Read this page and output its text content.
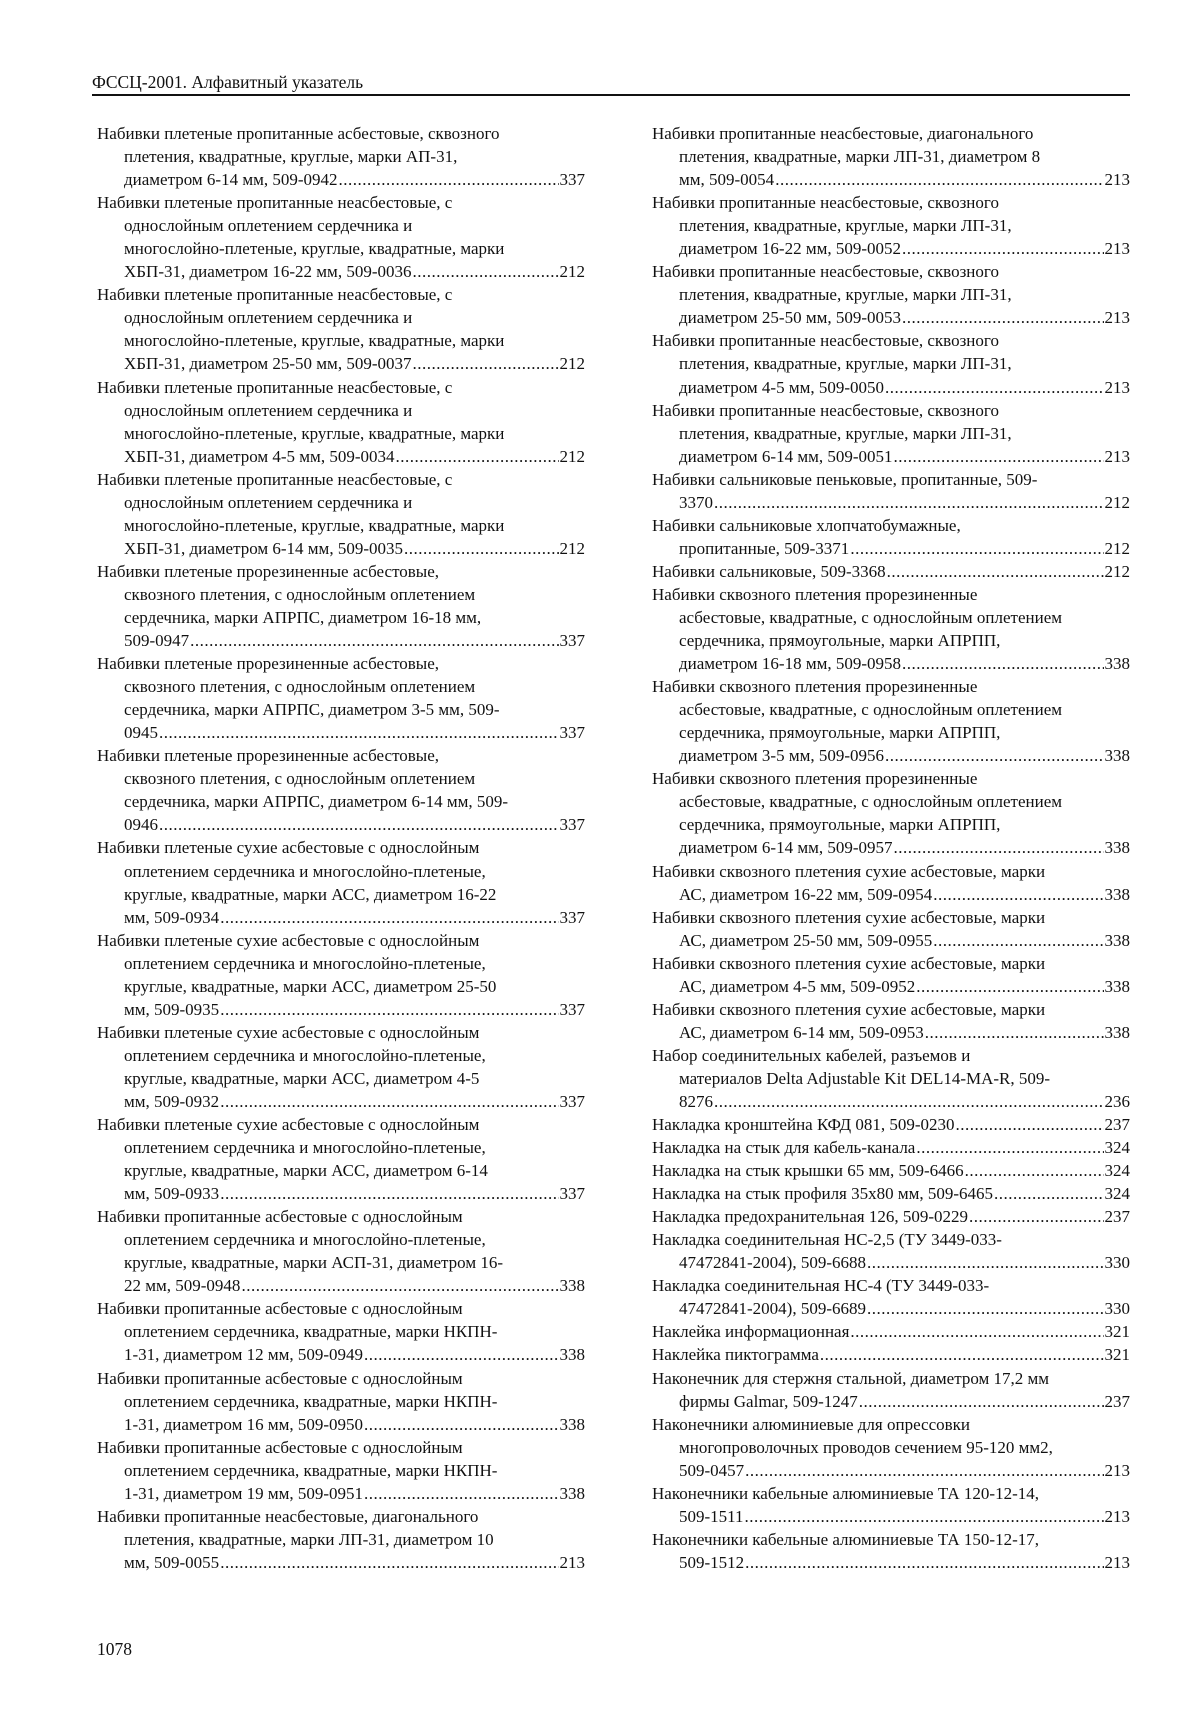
ФССЦ-2001. Алфавитный указатель
Набивки плетеные пропитанные асбестовые, сквозного
плетения, квадратные, круглые, марки АП-31,
диаметром 6-14 мм, 509-0942 .....	337
Набивки плетеные пропитанные неасбестовые, с
однослойным оплетением сердечника и
многослойно-плетеные, круглые, квадратные, марки
ХБП-31, диаметром 16-22 мм, 509-0036 .....	212
Набивки плетеные пропитанные неасбестовые, с
однослойным оплетением сердечника и
многослойно-плетеные, круглые, квадратные, марки
ХБП-31, диаметром 25-50 мм, 509-0037 .....	212
Набивки плетеные пропитанные неасбестовые, с
однослойным оплетением сердечника и
многослойно-плетеные, круглые, квадратные, марки
ХБП-31, диаметром 4-5 мм, 509-0034 .....	212
Набивки плетеные пропитанные неасбестовые, с
однослойным оплетением сердечника и
многослойно-плетеные, круглые, квадратные, марки
ХБП-31, диаметром 6-14 мм, 509-0035 .....	212
Набивки плетеные прорезиненные асбестовые,
сквозного плетения, с однослойным оплетением
сердечника, марки АПРПС, диаметром 16-18 мм,
509-0947 .....	337
Набивки плетеные прорезиненные асбестовые,
сквозного плетения, с однослойным оплетением
сердечника, марки АПРПС, диаметром 3-5 мм, 509-
0945 .....	337
Набивки плетеные прорезиненные асбестовые,
сквозного плетения, с однослойным оплетением
сердечника, марки АПРПС, диаметром 6-14 мм, 509-
0946 .....	337
Набивки плетеные сухие асбестовые с однослойным
оплетением сердечника и многослойно-плетеные,
круглые, квадратные, марки АСС, диаметром 16-22
мм, 509-0934 .....	337
Набивки плетеные сухие асбестовые с однослойным
оплетением сердечника и многослойно-плетеные,
круглые, квадратные, марки АСС, диаметром 25-50
мм, 509-0935 .....	337
Набивки плетеные сухие асбестовые с однослойным
оплетением сердечника и многослойно-плетеные,
круглые, квадратные, марки АСС, диаметром 4-5
мм, 509-0932 .....	337
Набивки плетеные сухие асбестовые с однослойным
оплетением сердечника и многослойно-плетеные,
круглые, квадратные, марки АСС, диаметром 6-14
мм, 509-0933 .....	337
Набивки пропитанные асбестовые с однослойным
оплетением сердечника и многослойно-плетеные,
круглые, квадратные, марки АСП-31, диаметром 16-
22 мм, 509-0948 .....	338
Набивки пропитанные асбестовые с однослойным
оплетением сердечника, квадратные, марки НКПН-
1-31, диаметром 12 мм, 509-0949 .....	338
Набивки пропитанные асбестовые с однослойным
оплетением сердечника, квадратные, марки НКПН-
1-31, диаметром 16 мм, 509-0950 .....	338
Набивки пропитанные асбестовые с однослойным
оплетением сердечника, квадратные, марки НКПН-
1-31, диаметром 19 мм, 509-0951 .....	338
Набивки пропитанные неасбестовые, диагонального
плетения, квадратные, марки ЛП-31, диаметром 10
мм, 509-0055 .....	213
Набивки пропитанные неасбестовые, диагонального
плетения, квадратные, марки ЛП-31, диаметром 8
мм, 509-0054 .....	213
Набивки пропитанные неасбестовые, сквозного
плетения, квадратные, круглые, марки ЛП-31,
диаметром 16-22 мм, 509-0052 .....	213
Набивки пропитанные неасбестовые, сквозного
плетения, квадратные, круглые, марки ЛП-31,
диаметром 25-50 мм, 509-0053 .....	213
Набивки пропитанные неасбестовые, сквозного
плетения, квадратные, круглые, марки ЛП-31,
диаметром 4-5 мм, 509-0050 .....	213
Набивки пропитанные неасбестовые, сквозного
плетения, квадратные, круглые, марки ЛП-31,
диаметром 6-14 мм, 509-0051 .....	213
Набивки сальниковые пеньковые, пропитанные, 509-
3370 .....	212
Набивки сальниковые хлопчатобумажные,
пропитанные, 509-3371 .....	212
Набивки сальниковые, 509-3368 .....	212
Набивки сквозного плетения прорезиненные
асбестовые, квадратные, с однослойным оплетением
сердечника, прямоугольные, марки АПРПП,
диаметром 16-18 мм, 509-0958 .....	338
Набивки сквозного плетения прорезиненные
асбестовые, квадратные, с однослойным оплетением
сердечника, прямоугольные, марки АПРПП,
диаметром 3-5 мм, 509-0956 .....	338
Набивки сквозного плетения прорезиненные
асбестовые, квадратные, с однослойным оплетением
сердечника, прямоугольные, марки АПРПП,
диаметром 6-14 мм, 509-0957 .....	338
Набивки сквозного плетения сухие асбестовые, марки
АС, диаметром 16-22 мм, 509-0954 .....	338
Набивки сквозного плетения сухие асбестовые, марки
АС, диаметром 25-50 мм, 509-0955 .....	338
Набивки сквозного плетения сухие асбестовые, марки
АС, диаметром 4-5 мм, 509-0952 .....	338
Набивки сквозного плетения сухие асбестовые, марки
АС, диаметром 6-14 мм, 509-0953 .....	338
Набор соединительных кабелей, разъемов и
материалов Delta Adjustable Kit DEL14-MA-R, 509-
8276 .....	236
Накладка кронштейна КФД 081, 509-0230 .....	237
Накладка на стык для кабель-канала .....	324
Накладка на стык крышки 65 мм, 509-6466 .....	324
Накладка на стык профиля 35х80 мм, 509-6465 .....	324
Накладка предохранительная 126, 509-0229 .....	237
Накладка соединительная НС-2,5 (ТУ 3449-033-
47472841-2004), 509-6688 .....	330
Накладка соединительная НС-4 (ТУ 3449-033-
47472841-2004), 509-6689 .....	330
Наклейка информационная .....	321
Наклейка пиктограмма .....	321
Наконечник для стержня стальной, диаметром 17,2 мм
фирмы Galmar, 509-1247 .....	237
Наконечники алюминиевые для опрессовки
многопроволочных проводов сечением 95-120 мм2,
509-0457 .....	213
Наконечники кабельные алюминиевые ТА 120-12-14,
509-1511 .....	213
Наконечники кабельные алюминиевые ТА 150-12-17,
509-1512 .....	213
1078
